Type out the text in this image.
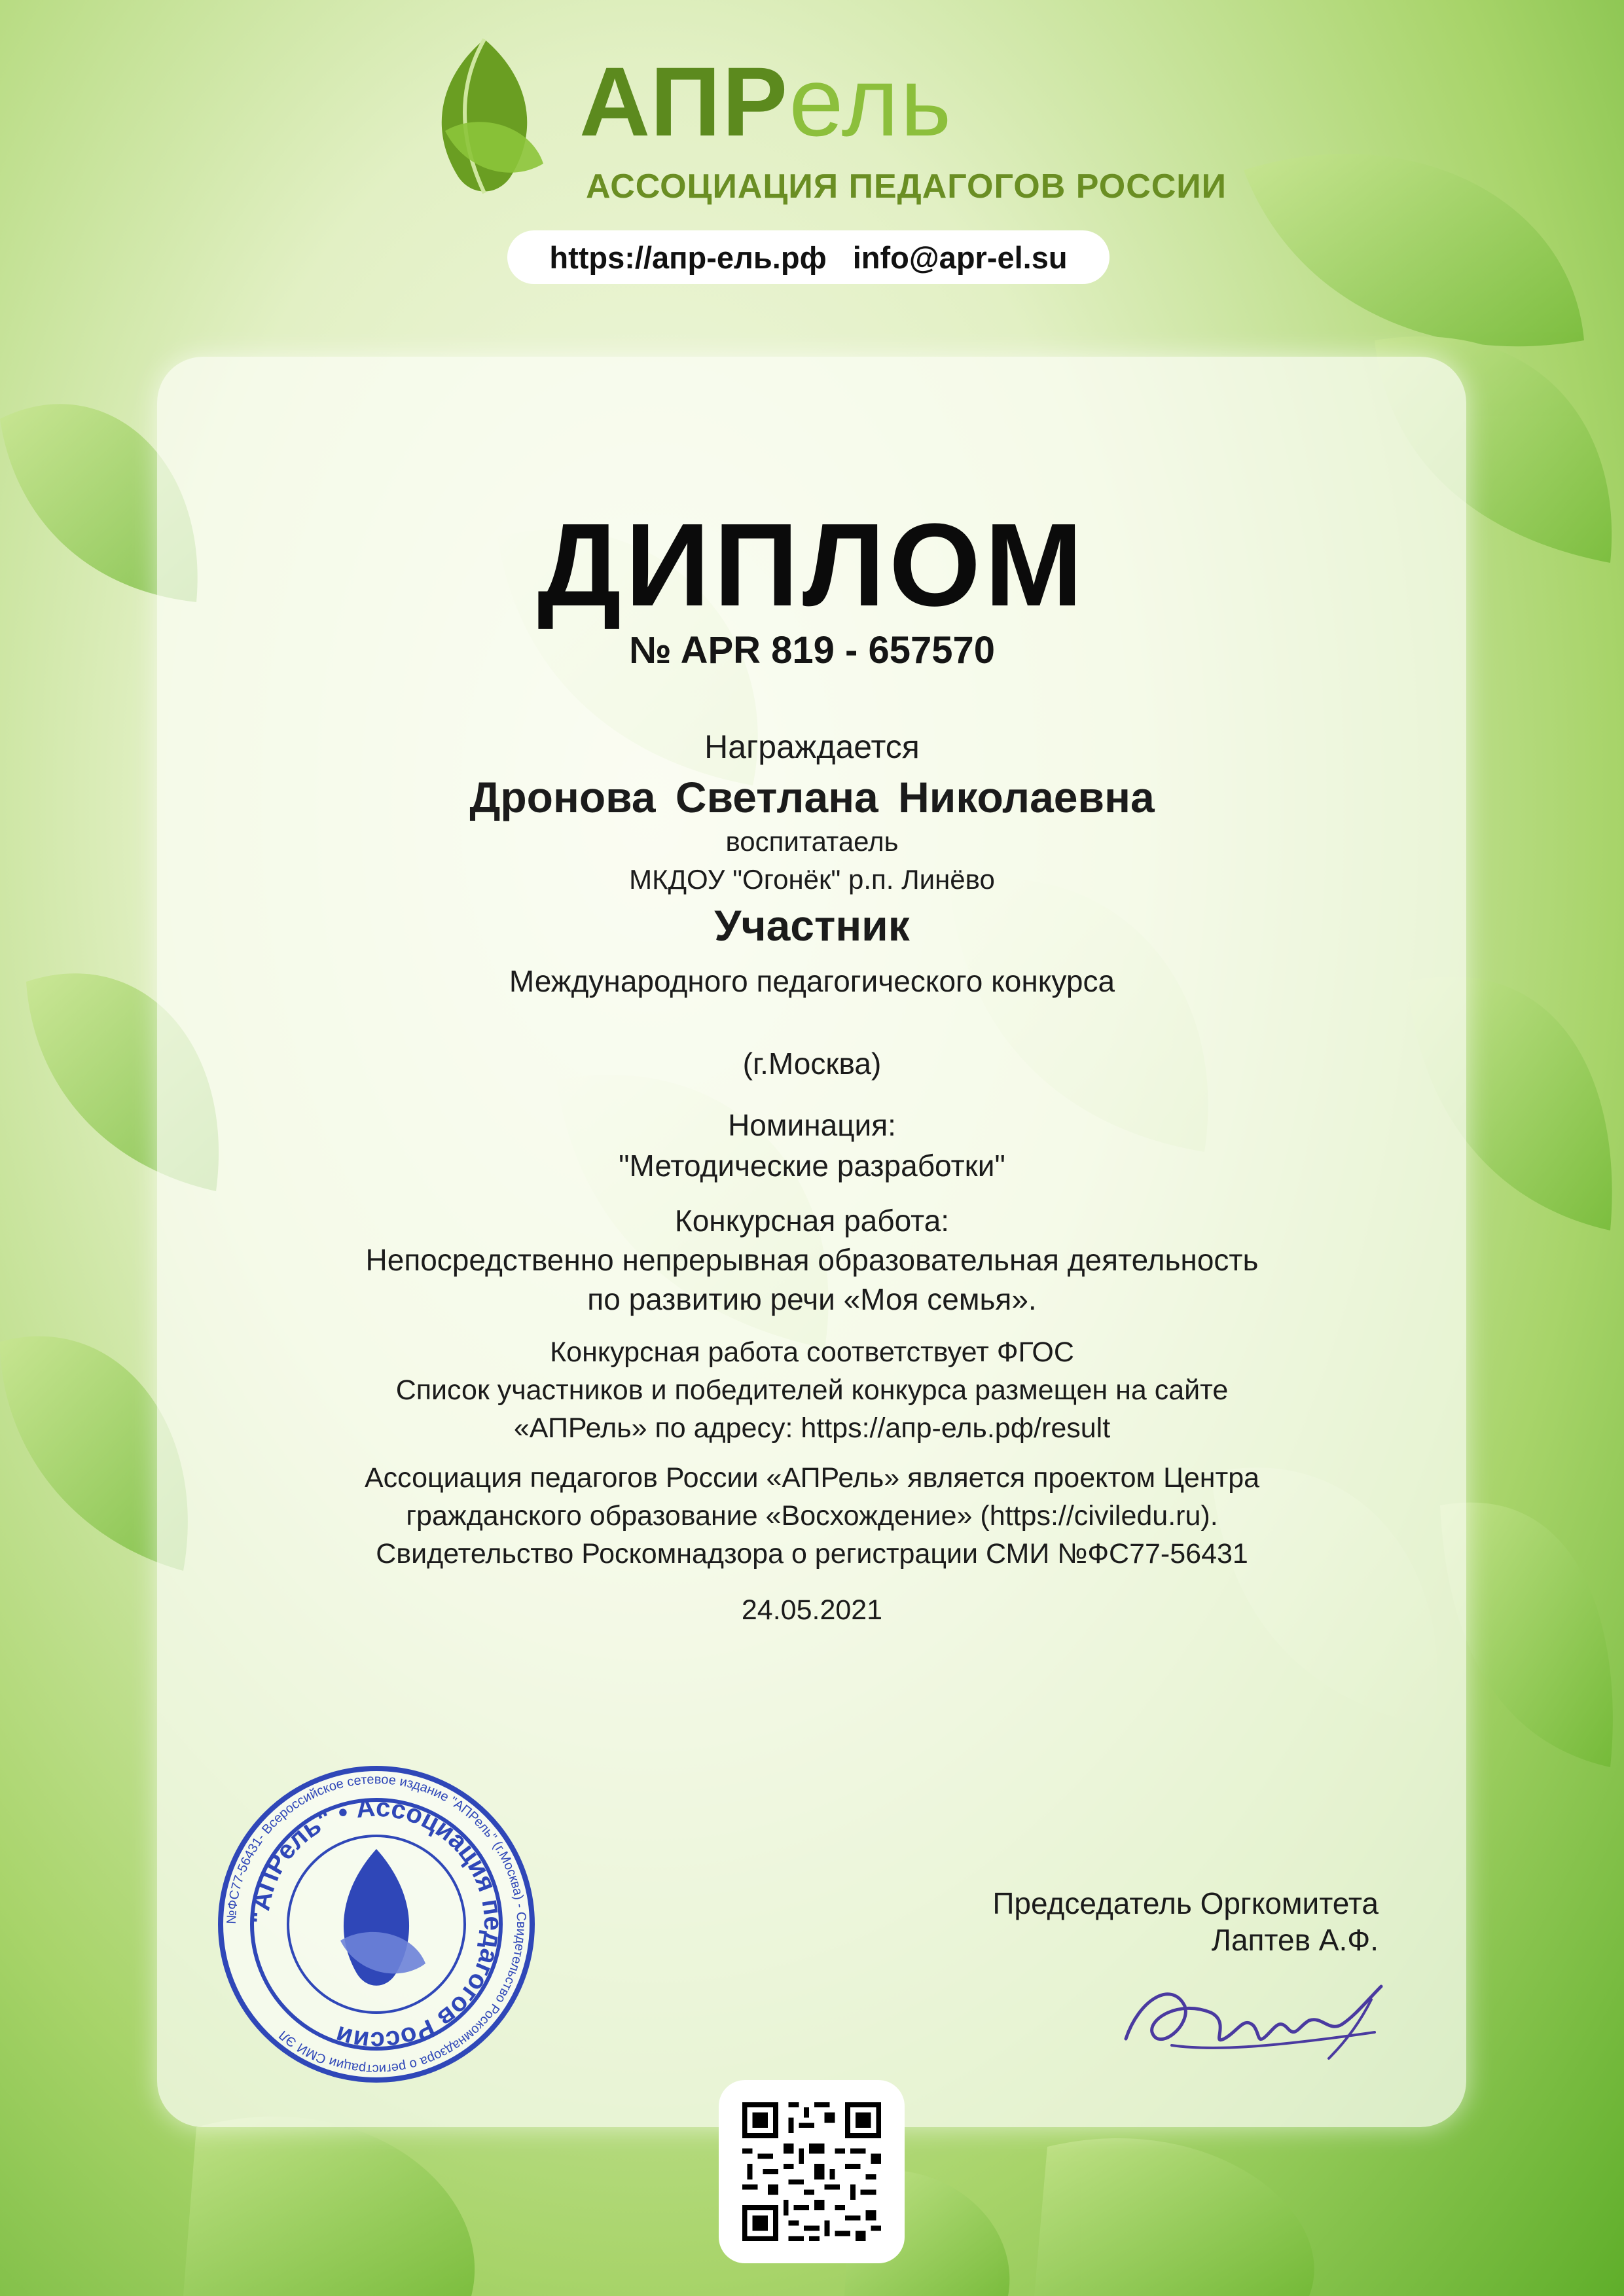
АПРель
АССОЦИАЦИЯ ПЕДАГОГОВ РОССИИ
https://апр-ель.рф info@apr-el.su
ДИПЛОМ
№ APR 819 - 657570
Награждается
Дронова Светлана Николаевна
воспитатаель
МКДОУ "Огонёк" р.п. Линёво
Участник
Международного педагогического конкурса
(г.Москва)
Номинация:
"Методические разработки"
Конкурсная работа:
Непосредственно непрерывная образовательная деятельность
по развитию речи «Моя семья».
Конкурсная работа соответствует ФГОС
Список участников и победителей конкурса размещен на сайте
«АПРель» по адресу: https://апр-ель.рф/result
Ассоциация педагогов России «АПРель» является проектом Центра
гражданского образование «Восхождение» (https://civiledu.ru).
Свидетельство Роскомнадзора о регистрации СМИ №ФС77-56431
24.05.2021
Председатель Оргкомитета
Лаптев А.Ф.
№ФС77-56431- Всероссийское сетевое издание "АПРель" (г.Москва) - Свидетельство Роскомнадзора о регистрации СМИ ЭЛ
"АПРель" • Ассоциация педагогов России
